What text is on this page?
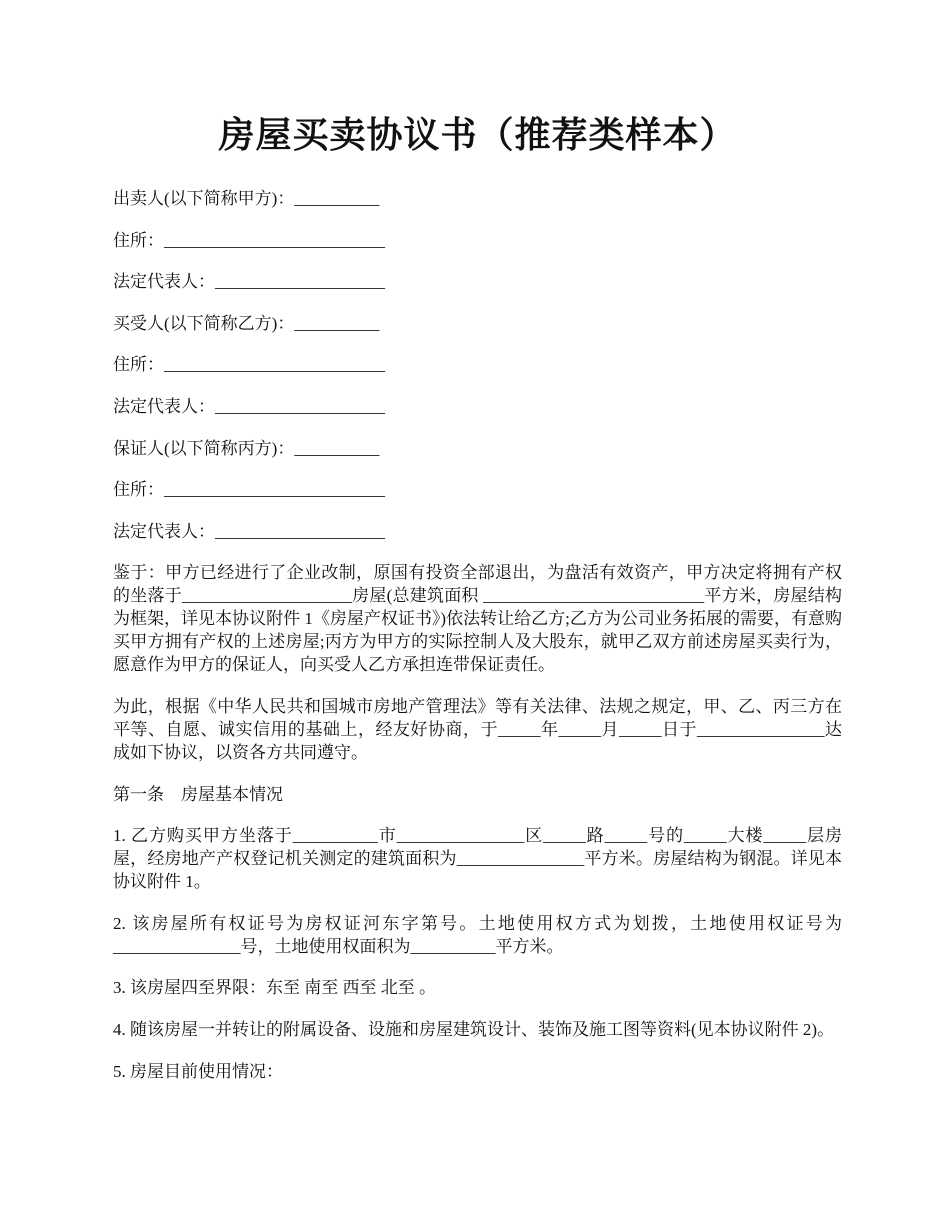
房屋买卖协议书（推荐类样本）

出卖人(以下简称甲方)：__________

住所：__________________________

法定代表人：____________________

买受人(以下简称乙方)：__________

住所：__________________________

法定代表人：____________________

保证人(以下简称丙方)：__________

住所：__________________________

法定代表人：____________________

鉴于：甲方已经进行了企业改制，原国有投资全部退出，为盘活有效资产，甲方决定将拥有产权的坐落于____________________房屋(总建筑面积 __________________________平方米，房屋结构为框架，详见本协议附件 1《房屋产权证书》)依法转让给乙方;乙方为公司业务拓展的需要，有意购买甲方拥有产权的上述房屋;丙方为甲方的实际控制人及大股东，就甲乙双方前述房屋买卖行为，愿意作为甲方的保证人，向买受人乙方承担连带保证责任。

为此，根据《中华人民共和国城市房地产管理法》等有关法律、法规之规定，甲、乙、丙三方在平等、自愿、诚实信用的基础上，经友好协商，于_____年_____月_____日于_______________达成如下协议，以资各方共同遵守。

第一条　房屋基本情况

1. 乙方购买甲方坐落于__________市_______________区_____路_____号的_____大楼_____层房屋，经房地产产权登记机关测定的建筑面积为_______________平方米。房屋结构为钢混。详见本协议附件 1。

2. 该房屋所有权证号为房权证河东字第号。土地使用权方式为划拨，土地使用权证号为_______________号，土地使用权面积为__________平方米。

3. 该房屋四至界限：东至 南至 西至 北至 。

4. 随该房屋一并转让的附属设备、设施和房屋建筑设计、装饰及施工图等资料(见本协议附件 2)。

5. 房屋目前使用情况：
